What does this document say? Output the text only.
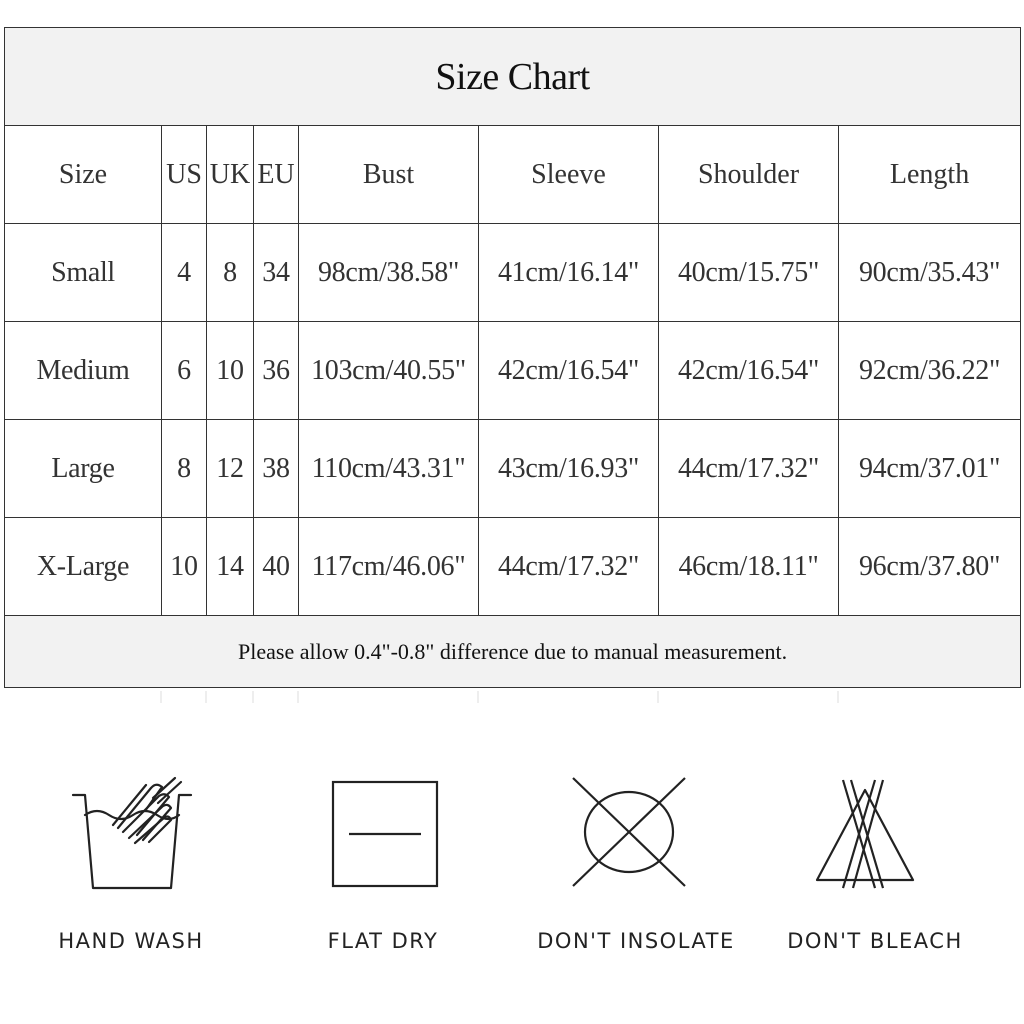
Size Chart							
Size	US	UK	EU	Bust	Sleeve	Shoulder	Length
Small	4	8	34	98cm/38.58"	41cm/16.14"	40cm/15.75"	90cm/35.43"
Medium	6	10	36	103cm/40.55"	42cm/16.54"	42cm/16.54"	92cm/36.22"
Large	8	12	38	110cm/43.31"	43cm/16.93"	44cm/17.32"	94cm/37.01"
X-Large	10	14	40	117cm/46.06"	44cm/17.32"	46cm/18.11"	96cm/37.80"
Please allow 0.4"-0.8" difference due to manual measurement.							
HAND WASH	FLAT DRY	DON'T INSOLATE	DON'T BLEACH
